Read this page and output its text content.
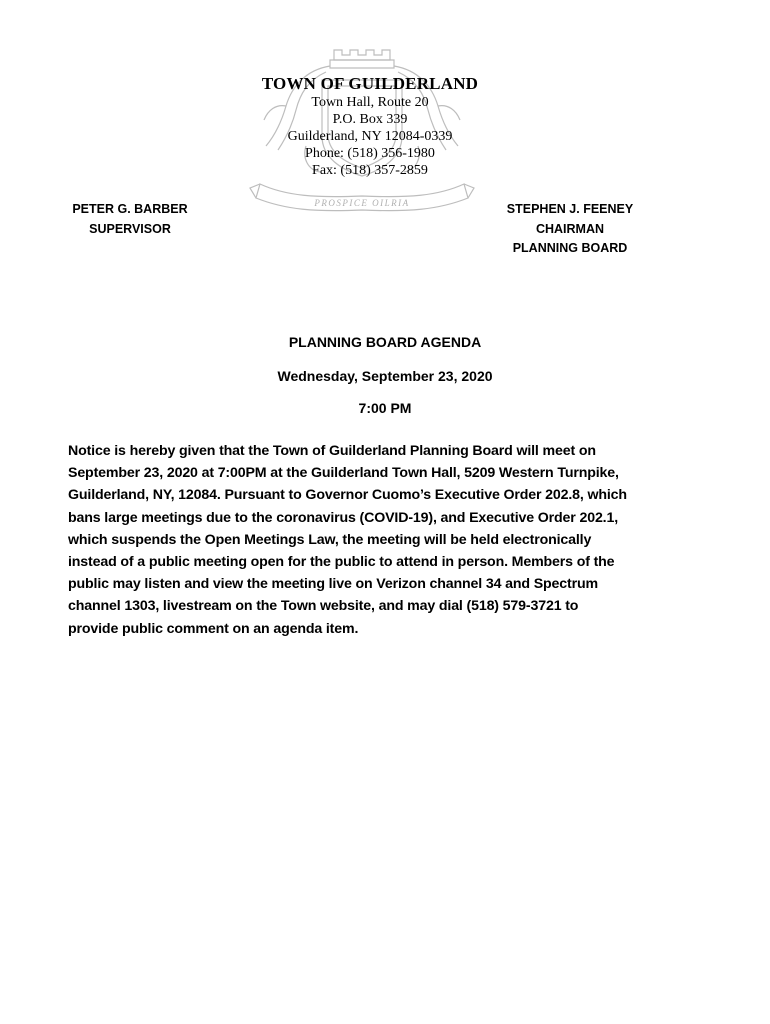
PROSPICE OILRIA
TOWN OF GUILDERLAND
Town Hall, Route 20
P.O. Box 339
Guilderland, NY 12084-0339
Phone: (518) 356-1980
Fax: (518) 357-2859
PETER G. BARBER
SUPERVISOR
STEPHEN J. FEENEY
CHAIRMAN
PLANNING BOARD
PLANNING BOARD AGENDA
Wednesday, September 23, 2020
7:00 PM
Notice is hereby given that the Town of Guilderland Planning Board will meet on
September 23, 2020 at 7:00PM at the Guilderland Town Hall, 5209 Western Turnpike,
Guilderland, NY, 12084. Pursuant to Governor Cuomo’s Executive Order 202.8, which
bans large meetings due to the coronavirus (COVID-19), and Executive Order 202.1,
which suspends the Open Meetings Law, the meeting will be held electronically
instead of a public meeting open for the public to attend in person. Members of the
public may listen and view the meeting live on Verizon channel 34 and Spectrum
channel 1303, livestream on the Town website, and may dial (518) 579-3721 to
provide public comment on an agenda item.
